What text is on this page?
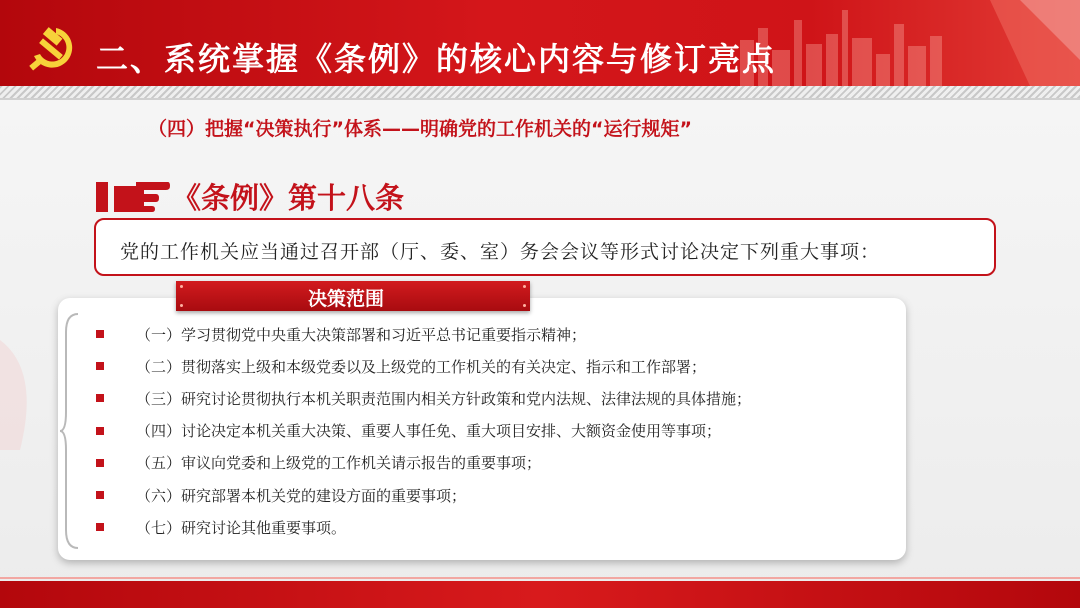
二、系统掌握《条例》的核心内容与修订亮点
（四）把握“决策执行”体系——明确党的工作机关的“运行规矩”
《条例》第十八条
党的工作机关应当通过召开部（厅、委、室）务会会议等形式讨论决定下列重大事项：
决策范围
（一）学习贯彻党中央重大决策部署和习近平总书记重要指示精神；
（二）贯彻落实上级和本级党委以及上级党的工作机关的有关决定、指示和工作部署；
（三）研究讨论贯彻执行本机关职责范围内相关方针政策和党内法规、法律法规的具体措施；
（四）讨论决定本机关重大决策、重要人事任免、重大项目安排、大额资金使用等事项；
（五）审议向党委和上级党的工作机关请示报告的重要事项；
（六）研究部署本机关党的建设方面的重要事项；
（七）研究讨论其他重要事项。
